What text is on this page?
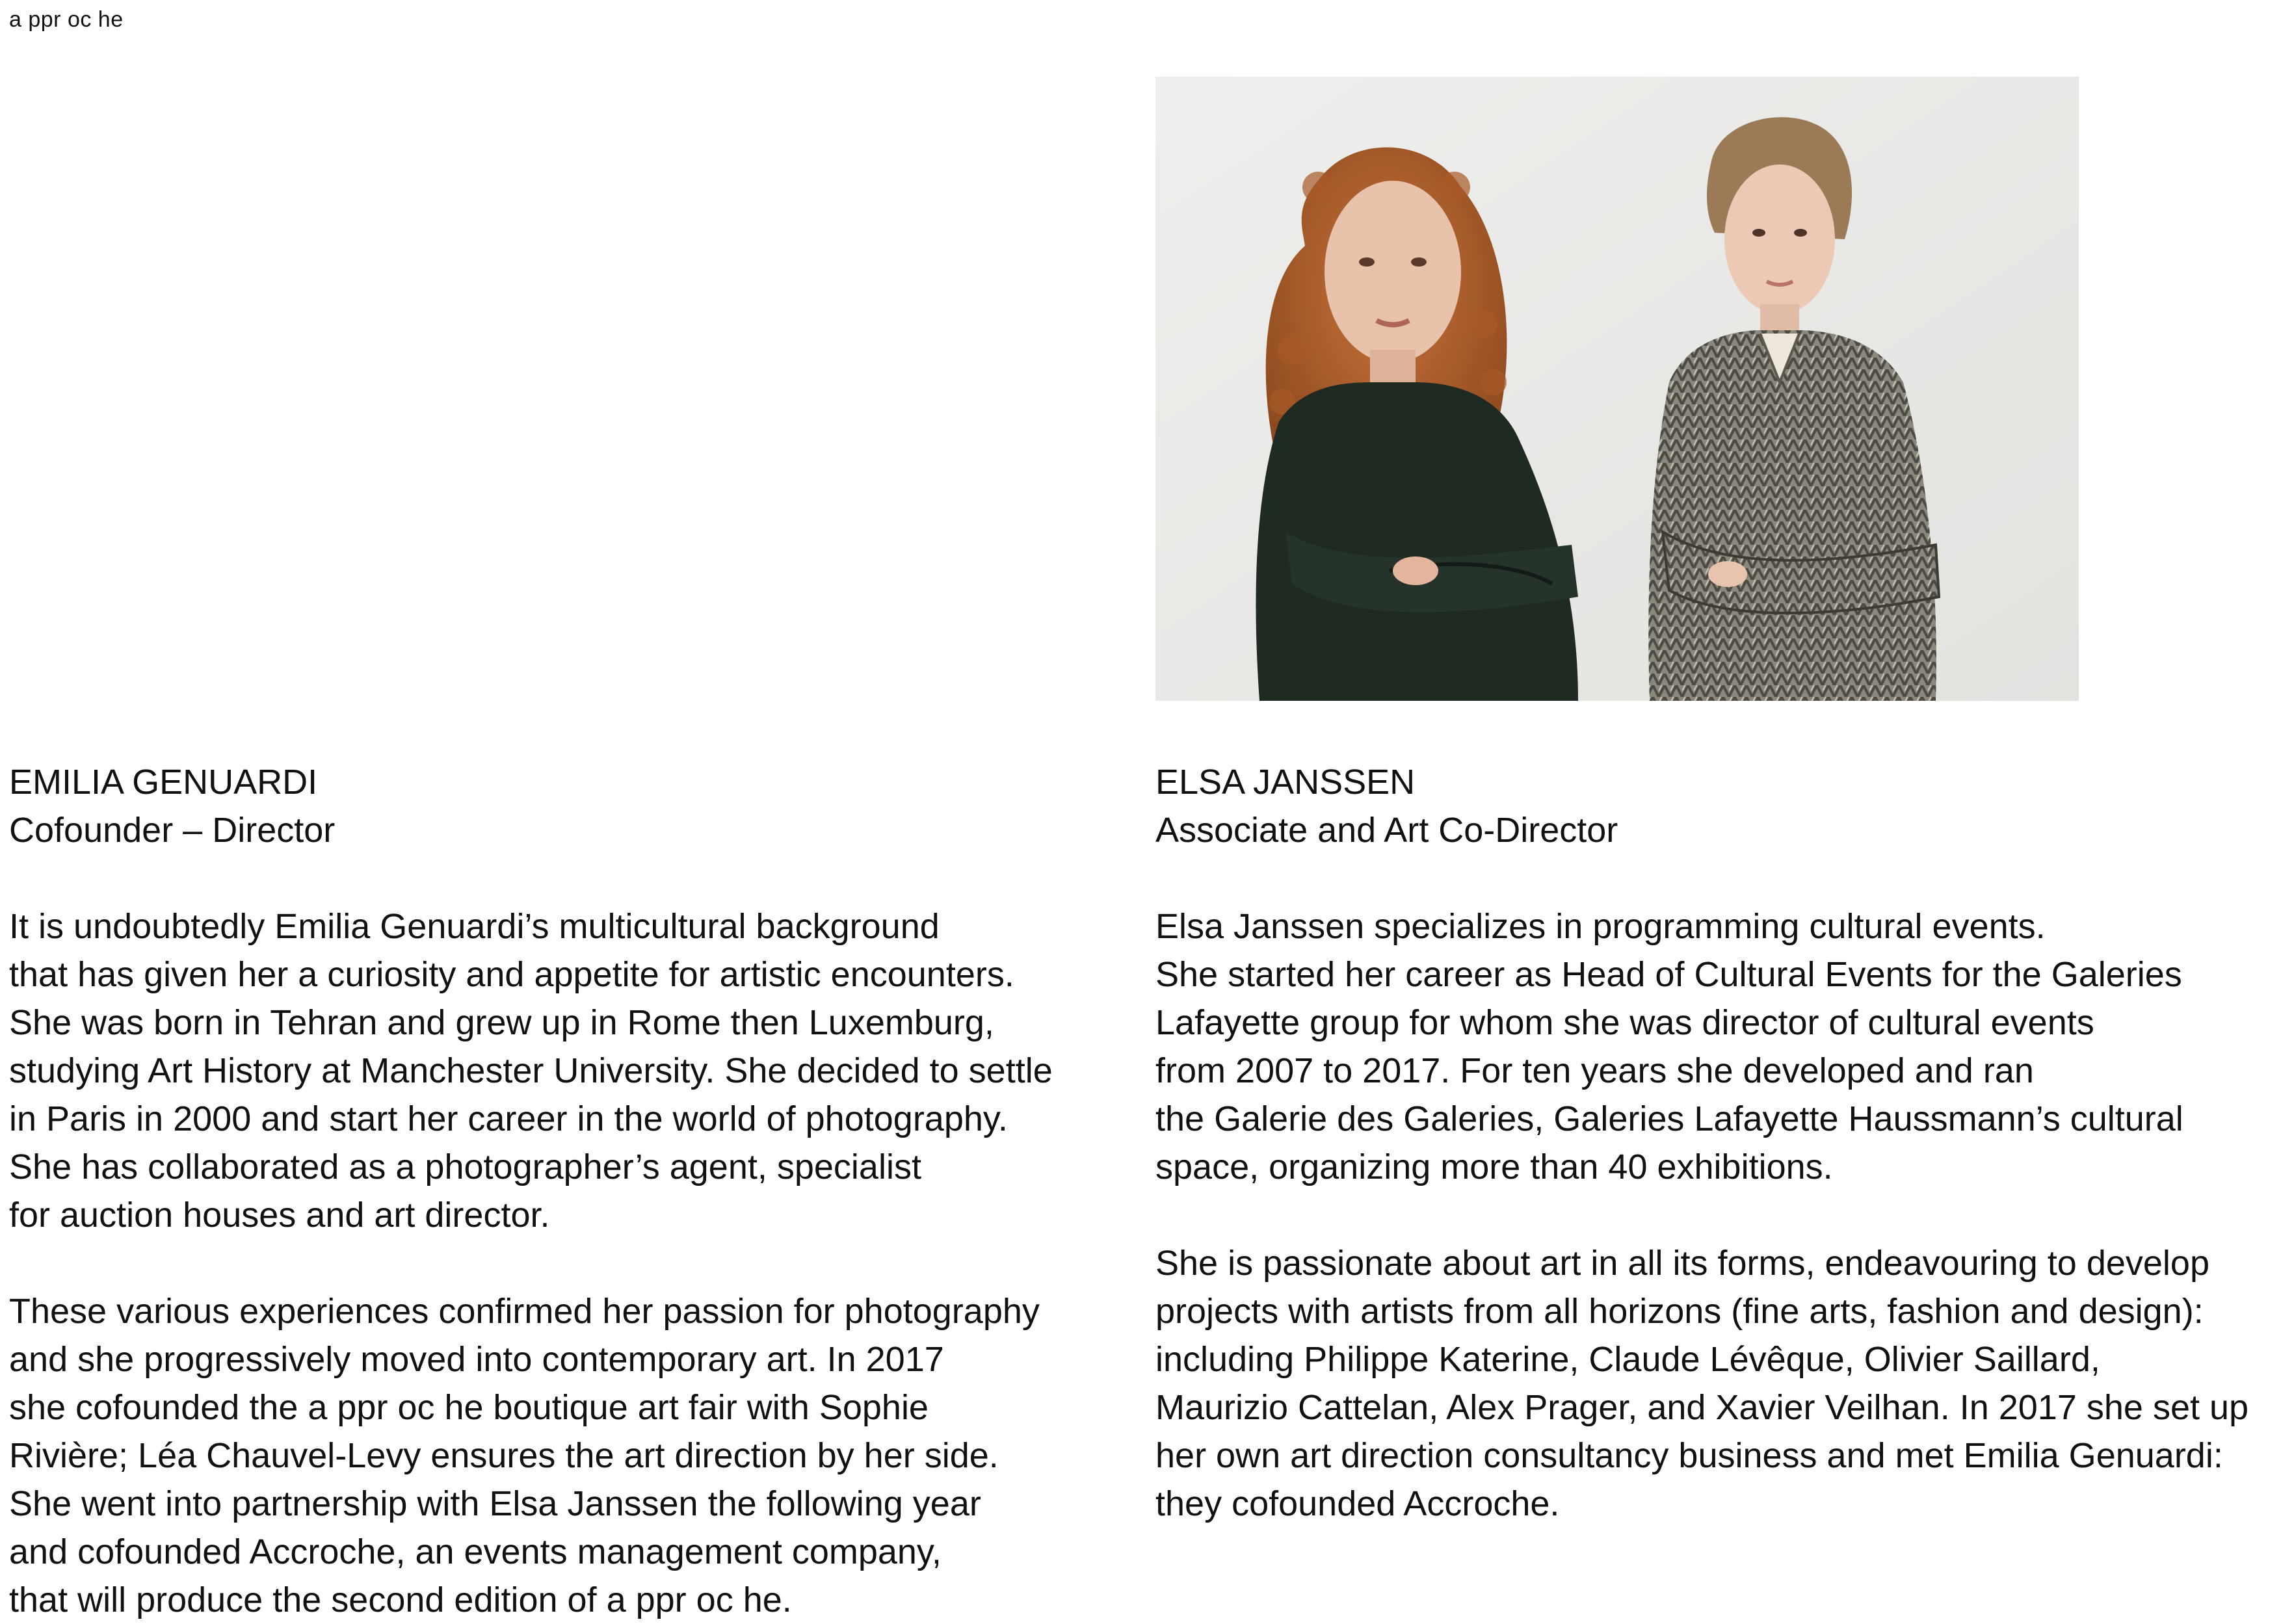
a ppr oc he
EMILIA GENUARDI
Cofounder – Director
It is undoubtedly Emilia Genuardi’s multicultural background
that has given her a curiosity and appetite for artistic encounters.
She was born in Tehran and grew up in Rome then Luxemburg,
studying Art History at Manchester University. She decided to settle
in Paris in 2000 and start her career in the world of photography.
She has collaborated as a photographer’s agent, specialist
for auction houses and art director.
These various experiences confirmed her passion for photography
and she progressively moved into contemporary art. In 2017
she cofounded the a ppr oc he boutique art fair with Sophie
Rivière; Léa Chauvel-Levy ensures the art direction by her side.
She went into partnership with Elsa Janssen the following year
and cofounded Accroche, an events management company,
that will produce the second edition of a ppr oc he.
ELSA JANSSEN
Associate and Art Co-Director
Elsa Janssen specializes in programming cultural events.
She started her career as Head of Cultural Events for the Galeries
Lafayette group for whom she was director of cultural events
from 2007 to 2017. For ten years she developed and ran
the Galerie des Galeries, Galeries Lafayette Haussmann’s cultural
space, organizing more than 40 exhibitions.
She is passionate about art in all its forms, endeavouring to develop
projects with artists from all horizons (fine arts, fashion and design):
including Philippe Katerine, Claude Lévêque, Olivier Saillard,
Maurizio Cattelan, Alex Prager, and Xavier Veilhan. In 2017 she set up
her own art direction consultancy business and met Emilia Genuardi:
they cofounded Accroche.
